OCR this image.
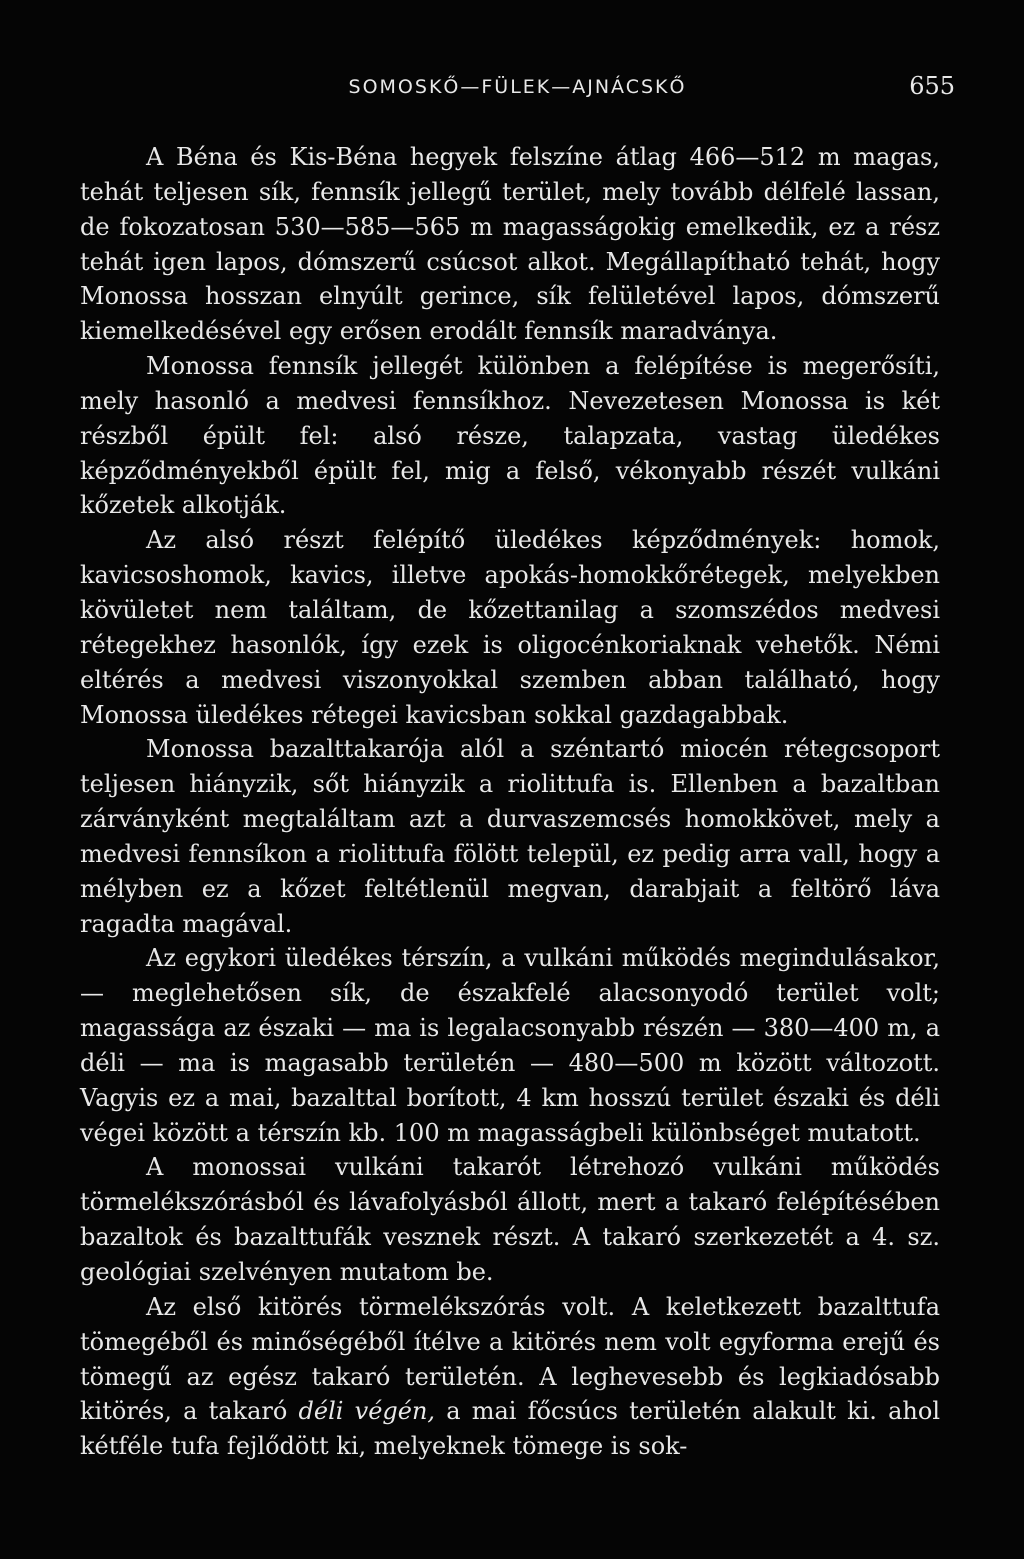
SOMOSKŐ—FÜLEK—AJNÁCSKŐ	655

A Béna és Kis-Béna hegyek felszíne átlag 466—512 m magas, tehát teljesen sík, fennsík jellegű terület, mely tovább délfelé lassan, de fokozatosan 530—585—565 m magasságokig emelkedik, ez a rész tehát igen lapos, dómszerű csúcsot alkot. Megállapítható tehát, hogy Monossa hosszan elnyúlt gerince, sík felületével lapos, dómszerű kiemelkedésével egy erősen erodált fennsík maradványa.

Monossa fennsík jellegét különben a felépítése is megerősíti, mely hasonló a medvesi fennsíkhoz. Nevezetesen Monossa is két részből épült fel: alsó része, talapzata, vastag üledékes képződményekből épült fel, mig a felső, vékonyabb részét vulkáni kőzetek alkotják.

Az alsó részt felépítő üledékes képződmények: homok, kavicsoshomok, kavics, illetve apokás-homokkőrétegek, melyekben kövületet nem találtam, de kőzettanilag a szomszédos medvesi rétegekhez hasonlók, így ezek is oligocénkoriaknak vehetők. Némi eltérés a medvesi viszonyokkal szemben abban található, hogy Monossa üledékes rétegei kavicsban sokkal gazdagabbak.

Monossa bazalttakarója alól a széntartó miocén rétegcsoport teljesen hiányzik, sőt hiányzik a riolittufa is. Ellenben a bazaltban zárványként megtaláltam azt a durvaszemcsés homokkövet, mely a medvesi fennsíkon a riolittufa fölött települ, ez pedig arra vall, hogy a mélyben ez a kőzet feltétlenül megvan, darabjait a feltörő láva ragadta magával.

Az egykori üledékes térszín, a vulkáni működés megindulásakor, — meglehetősen sík, de északfelé alacsonyodó terület volt; magassága az északi — ma is legalacsonyabb részén — 380—400 m, a déli — ma is magasabb területén — 480—500 m között változott. Vagyis ez a mai, bazalttal borított, 4 km hosszú terület északi és déli végei között a térszín kb. 100 m magasságbeli különbséget mutatott.

A monossai vulkáni takarót létrehozó vulkáni működés törmelékszórásból és lávafolyásból állott, mert a takaró felépítésében bazaltok és bazalttufák vesznek részt. A takaró szerkezetét a 4. sz. geológiai szelvényen mutatom be.

Az első kitörés törmelékszórás volt. A keletkezett bazalttufa tömegéből és minőségéből ítélve a kitörés nem volt egyforma erejű és tömegű az egész takaró területén. A leghevesebb és legkiadósabb kitörés, a takaró déli végén, a mai főcsúcs területén alakult ki. ahol kétféle tufa fejlődött ki, melyeknek tömege is sok-
